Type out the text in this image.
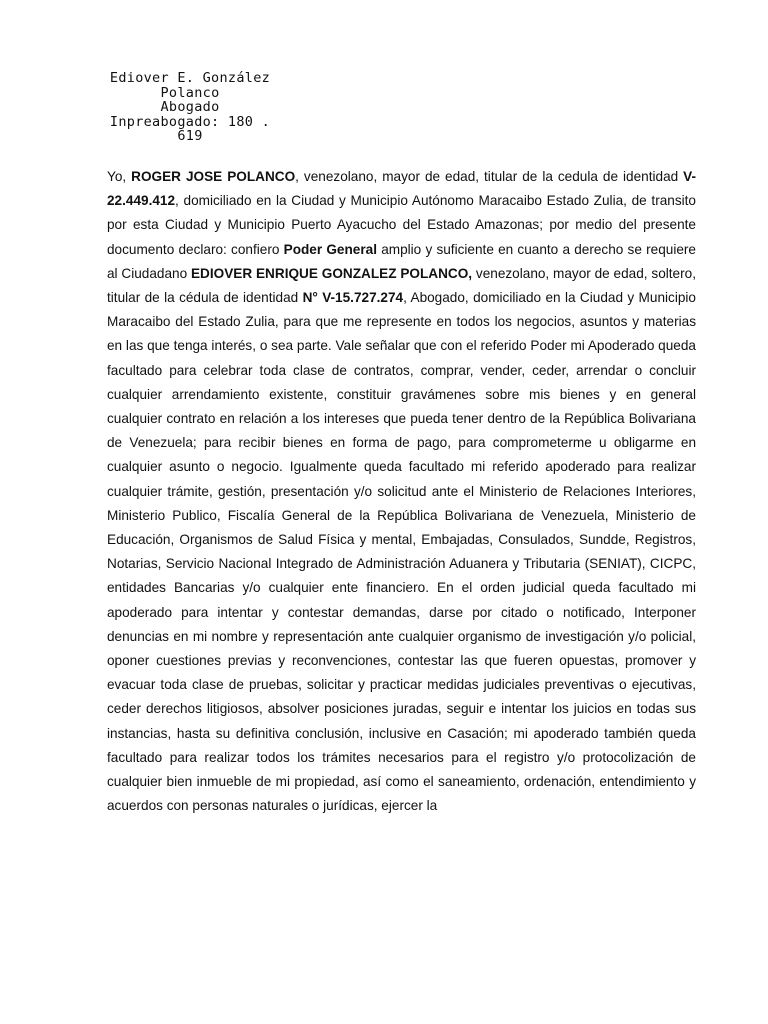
Ediover E. González
Polanco
Abogado
Inpreabogado: 180 .
619

Yo, ROGER JOSE POLANCO, venezolano, mayor de edad, titular de la cedula de identidad V-22.449.412, domiciliado en la Ciudad y Municipio Autónomo Maracaibo Estado Zulia, de transito por esta Ciudad y Municipio Puerto Ayacucho del Estado Amazonas; por medio del presente documento declaro: confiero Poder General amplio y suficiente en cuanto a derecho se requiere al Ciudadano EDIOVER ENRIQUE GONZALEZ POLANCO, venezolano, mayor de edad, soltero, titular de la cédula de identidad N° V-15.727.274, Abogado, domiciliado en la Ciudad y Municipio Maracaibo del Estado Zulia, para que me represente en todos los negocios, asuntos y materias en las que tenga interés, o sea parte. Vale señalar que con el referido Poder mi Apoderado queda facultado para celebrar toda clase de contratos, comprar, vender, ceder, arrendar o concluir cualquier arrendamiento existente, constituir gravámenes sobre mis bienes y en general cualquier contrato en relación a los intereses que pueda tener dentro de la República Bolivariana de Venezuela; para recibir bienes en forma de pago, para comprometerme u obligarme en cualquier asunto o negocio. Igualmente queda facultado mi referido apoderado para realizar cualquier trámite, gestión, presentación y/o solicitud ante el Ministerio de Relaciones Interiores, Ministerio Publico, Fiscalía General de la República Bolivariana de Venezuela, Ministerio de Educación, Organismos de Salud Física y mental, Embajadas, Consulados, Sundde, Registros, Notarias, Servicio Nacional Integrado de Administración Aduanera y Tributaria (SENIAT), CICPC, entidades Bancarias y/o cualquier ente financiero. En el orden judicial queda facultado mi apoderado para intentar y contestar demandas, darse por citado o notificado, Interponer denuncias en mi nombre y representación ante cualquier organismo de investigación y/o policial, oponer cuestiones previas y reconvenciones, contestar las que fueren opuestas, promover y evacuar toda clase de pruebas, solicitar y practicar medidas judiciales preventivas o ejecutivas, ceder derechos litigiosos, absolver posiciones juradas, seguir e intentar los juicios en todas sus instancias, hasta su definitiva conclusión, inclusive en Casación; mi apoderado también queda facultado para realizar todos los trámites necesarios para el registro y/o protocolización de cualquier bien inmueble de mi propiedad, así como el saneamiento, ordenación, entendimiento y acuerdos con personas naturales o jurídicas, ejercer la
